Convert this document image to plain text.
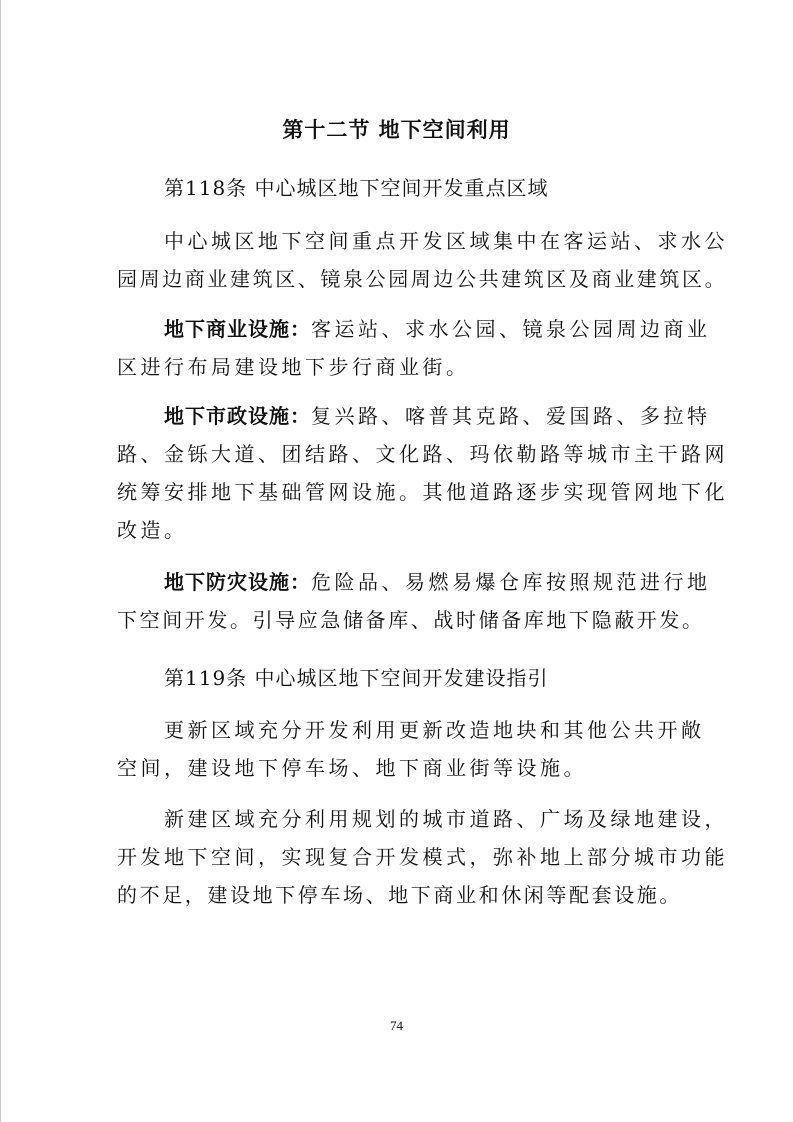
第十二节 地下空间利用
第118条 中心城区地下空间开发重点区域
中心城区地下空间重点开发区域集中在客运站、求水公
园周边商业建筑区、镜泉公园周边公共建筑区及商业建筑区。
地下商业设施：客运站、求水公园、镜泉公园周边商业
区进行布局建设地下步行商业街。
地下市政设施：复兴路、喀普其克路、爱国路、多拉特
路、金铄大道、团结路、文化路、玛依勒路等城市主干路网
统筹安排地下基础管网设施。其他道路逐步实现管网地下化
改造。
地下防灾设施：危险品、易燃易爆仓库按照规范进行地
下空间开发。引导应急储备库、战时储备库地下隐蔽开发。
第119条 中心城区地下空间开发建设指引
更新区域充分开发利用更新改造地块和其他公共开敞
空间，建设地下停车场、地下商业街等设施。
新建区域充分利用规划的城市道路、广场及绿地建设，
开发地下空间，实现复合开发模式，弥补地上部分城市功能
的不足，建设地下停车场、地下商业和休闲等配套设施。
74
